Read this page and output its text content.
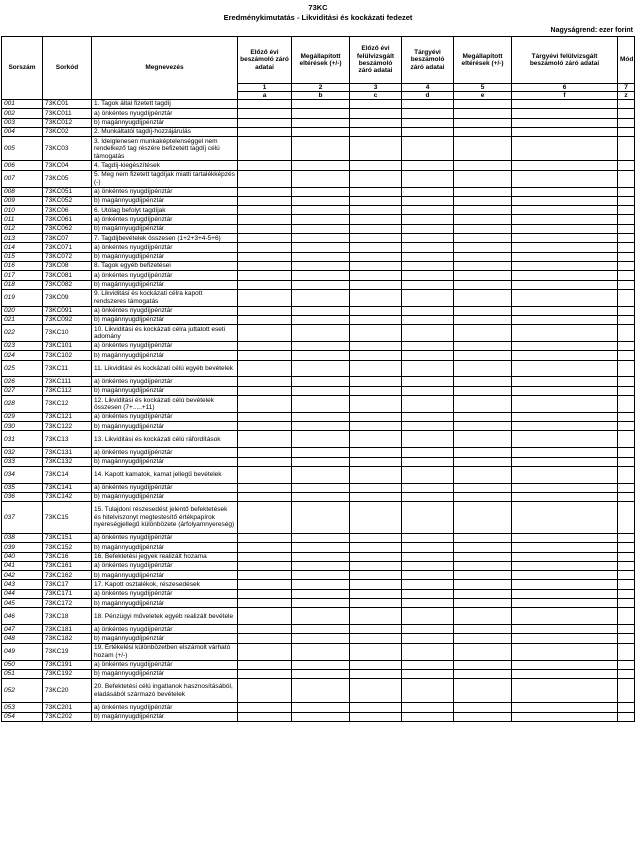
73KC
Eredménykimutatás - Likviditási és kockázati fedezet
Nagyságrend: ezer forint
Sorszám	Sorkód	Megnevezés	Előző évi beszámoló záró adatai	Megállapított eltérések (+/-)	Előző évi felülvizsgált beszámoló záró adatai	Tárgyévi beszámoló záró adatai	Megállapított eltérések (+/-)	Tárgyévi felülvizsgált beszámoló záró adatai	Mód
			1	2	3	4	5	6	7
			a	b	c	d	e	f	z
001	73KC01	1. Tagok által fizetett tagdíj							
002	73KC011	a) önkéntes nyugdíjpénztár							
003	73KC012	b) magánnyugdíjpénztár							
004	73KC02	2. Munkáltatói tagdíj-hozzájárulás							
005	73KC03	3. Ideiglenesen munkaképtelenséggel nem rendelkező tag részére befizetett tagdíj célú támogatás							
006	73KC04	4. Tagdíj-kiegészítések							
007	73KC05	5. Meg nem fizetett tagdíjak miatti tartalékképzés (-)							
008	73KC051	a) önkéntes nyugdíjpénztár							
009	73KC052	b) magánnyugdíjpénztár							
010	73KC06	6. Utólag befolyt tagdíjak							
011	73KC061	a) önkéntes nyugdíjpénztár							
012	73KC062	b) magánnyugdíjpénztár							
013	73KC07	7. Tagdíjbevételek összesen (1+2+3+4-5+6)							
014	73KC071	a) önkéntes nyugdíjpénztár							
015	73KC072	b) magánnyugdíjpénztár							
016	73KC08	8. Tagok egyéb befizetései							
017	73KC081	a) önkéntes nyugdíjpénztár							
018	73KC082	b) magánnyugdíjpénztár							
019	73KC09	9. Likviditási és kockázati célra kapott rendszeres támogatás							
020	73KC091	a) önkéntes nyugdíjpénztár							
021	73KC092	b) magánnyugdíjpénztár							
022	73KC10	10. Likviditási és kockázati célra juttatott eseti adomány							
023	73KC101	a) önkéntes nyugdíjpénztár							
024	73KC102	b) magánnyugdíjpénztár							
025	73KC11	11. Likviditási és kockázati célú egyéb bevételek							
026	73KC111	a) önkéntes nyugdíjpénztár							
027	73KC112	b) magánnyugdíjpénztár							
028	73KC12	12. Likviditási és kockázati célú bevételek összesen (7+.....+11)							
029	73KC121	a) önkéntes nyugdíjpénztár							
030	73KC122	b) magánnyugdíjpénztár							
031	73KC13	13. Likviditási és kockázati célú ráfordítások							
032	73KC131	a) önkéntes nyugdíjpénztár							
033	73KC132	b) magánnyugdíjpénztár							
034	73KC14	14. Kapott kamatok, kamat jellegű bevételek							
035	73KC141	a) önkéntes nyugdíjpénztár							
036	73KC142	b) magánnyugdíjpénztár							
037	73KC15	15. Tulajdoni részesedést jelentő befektetések és hitelviszonyt megtestesítő értékpapírok nyereségjellegű különbözete (árfolyamnyereség)							
038	73KC151	a) önkéntes nyugdíjpénztár							
039	73KC152	b) magánnyugdíjpénztár							
040	73KC16	16. Befektetési jegyek realizált hozama							
041	73KC161	a) önkéntes nyugdíjpénztár							
042	73KC162	b) magánnyugdíjpénztár							
043	73KC17	17. Kapott osztalékok, részesedések							
044	73KC171	a) önkéntes nyugdíjpénztár							
045	73KC172	b) magánnyugdíjpénztár							
046	73KC18	18. Pénzügyi műveletek egyéb realizált bevétele							
047	73KC181	a) önkéntes nyugdíjpénztár							
048	73KC182	b) magánnyugdíjpénztár							
049	73KC19	19. Értékelési különbözetben elszámolt várható hozam (+/-)							
050	73KC191	a) önkéntes nyugdíjpénztár							
051	73KC192	b) magánnyugdíjpénztár							
052	73KC20	20. Befektetési célú ingatlanok hasznosításából, eladásából származó bevételek							
053	73KC201	a) önkéntes nyugdíjpénztár							
054	73KC202	b) magánnyugdíjpénztár							
